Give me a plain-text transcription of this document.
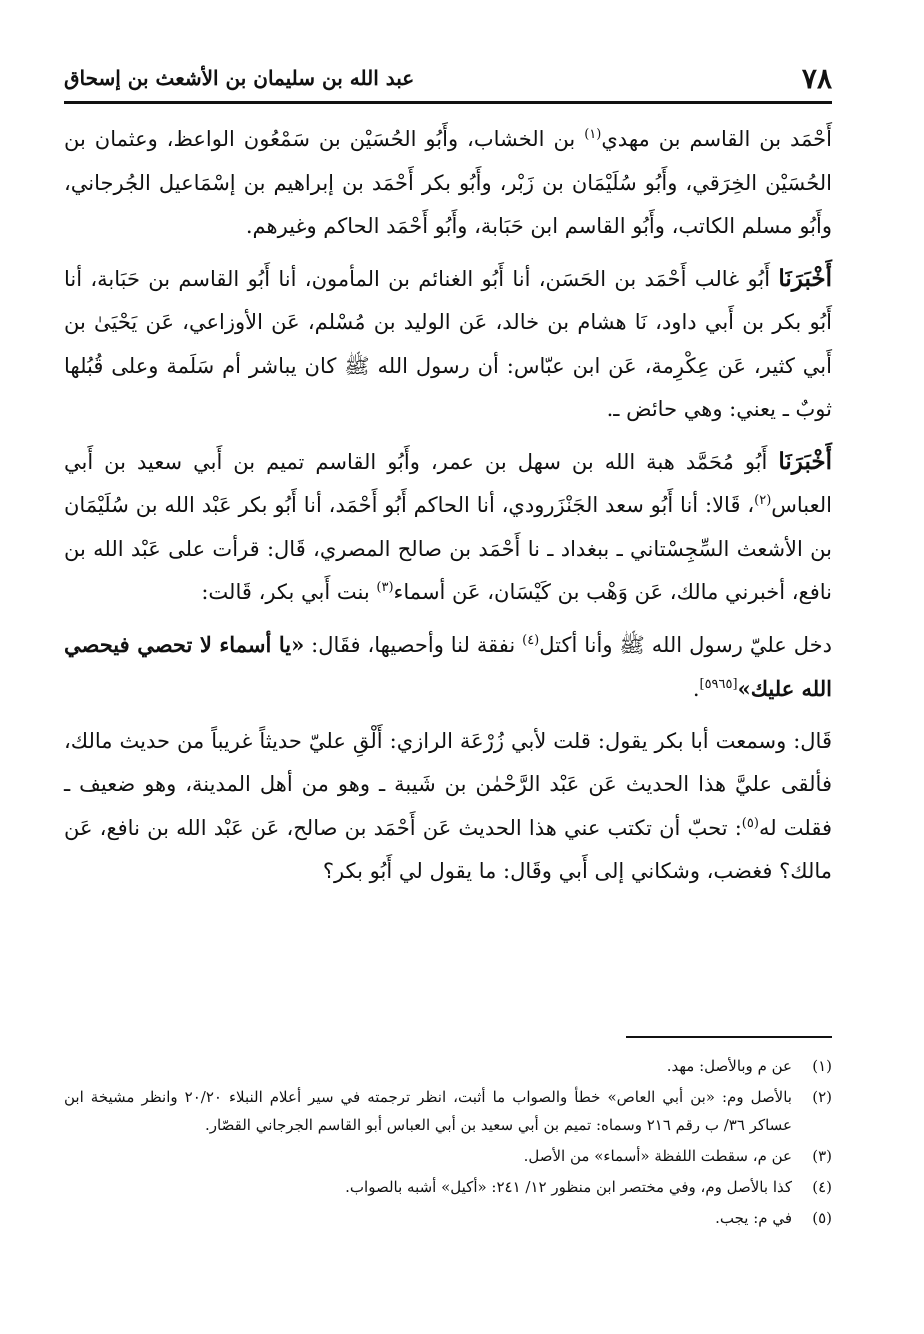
٧٨
عبد الله بن سليمان بن الأشعث بن إسحاق

أَحْمَد بن القاسم بن مهدي$^{(١)}$ بن الخشاب، وأَبُو الحُسَيْن بن سَمْعُون الواعظ، وعثمان بن الحُسَيْن الخِرَقي، وأَبُو سُلَيْمَان بن زَبْر، وأَبُو بكر أَحْمَد بن إبراهيم بن إسْمَاعيل الجُرجاني، وأَبُو مسلم الكاتب، وأَبُو القاسم ابن حَبَابة، وأَبُو أَحْمَد الحاكم وغيرهم.

أَخْبَرَنَا أَبُو غالب أَحْمَد بن الحَسَن، أنا أَبُو الغنائم بن المأمون، أنا أَبُو القاسم بن حَبَابة، أنا أَبُو بكر بن أَبي داود، نَا هشام بن خالد، عَن الوليد بن مُسْلم، عَن الأوزاعي، عَن يَحْيَىٰ بن أَبي كثير، عَن عِكْرِمة، عَن ابن عبّاس: أن رسول الله ﷺ كان يباشر أم سَلَمة وعلى قُبُلها ثوبٌ ـ يعني: وهي حائض ـ.

أَخْبَرَنَا أَبُو مُحَمَّد هبة الله بن سهل بن عمر، وأَبُو القاسم تميم بن أَبي سعيد بن أَبي العباس$^{(٢)}$، قَالا: أنا أَبُو سعد الجَنْزَرودي، أنا الحاكم أَبُو أَحْمَد، أنا أَبُو بكر عَبْد الله بن سُلَيْمَان بن الأشعث السِّجِسْتاني ـ ببغداد ـ نا أَحْمَد بن صالح المصري، قَال: قرأت على عَبْد الله بن نافع، أخبرني مالك، عَن وَهْب بن كَيْسَان، عَن أسماء$^{(٣)}$ بنت أَبي بكر، قَالت:

دخل عليّ رسول الله ﷺ وأنا أكتل$^{(٤)}$ نفقة لنا وأحصيها، فقَال: «يا أسماء لا تحصي فيحصي الله عليك»[٥٩٦٥].

قَال: وسمعت أبا بكر يقول: قلت لأبي زُرْعَة الرازي: أَلْقِ عليّ حديثاً غريباً من حديث مالك، فألقى عليَّ هذا الحديث عَن عَبْد الرَّحْمٰن بن شَيبة ـ وهو من أهل المدينة، وهو ضعيف ـ فقلت له$^{(٥)}$: تحبّ أن تكتب عني هذا الحديث عَن أَحْمَد بن صالح، عَن عَبْد الله بن نافع، عَن مالك؟ فغضب، وشكاني إلى أَبي وقَال: ما يقول لي أَبُو بكر؟

(١)
عن م وبالأصل: مهد.
(٢)
بالأصل وم: «بن أبي العاص» خطأ والصواب ما أثبت، انظر ترجمته في سير أعلام النبلاء ٢٠/٢٠ وانظر مشيخة ابن عساكر ٣٦/ ب رقم ٢١٦ وسماه: تميم بن أبي سعيد بن أبي العباس أبو القاسم الجرجاني القصّار.
(٣)
عن م، سقطت اللفظة «أسماء» من الأصل.
(٤)
كذا بالأصل وم، وفي مختصر ابن منظور ١٢/ ٢٤١: «أكيل» أشبه بالصواب.
(٥)
في م: يجب.
